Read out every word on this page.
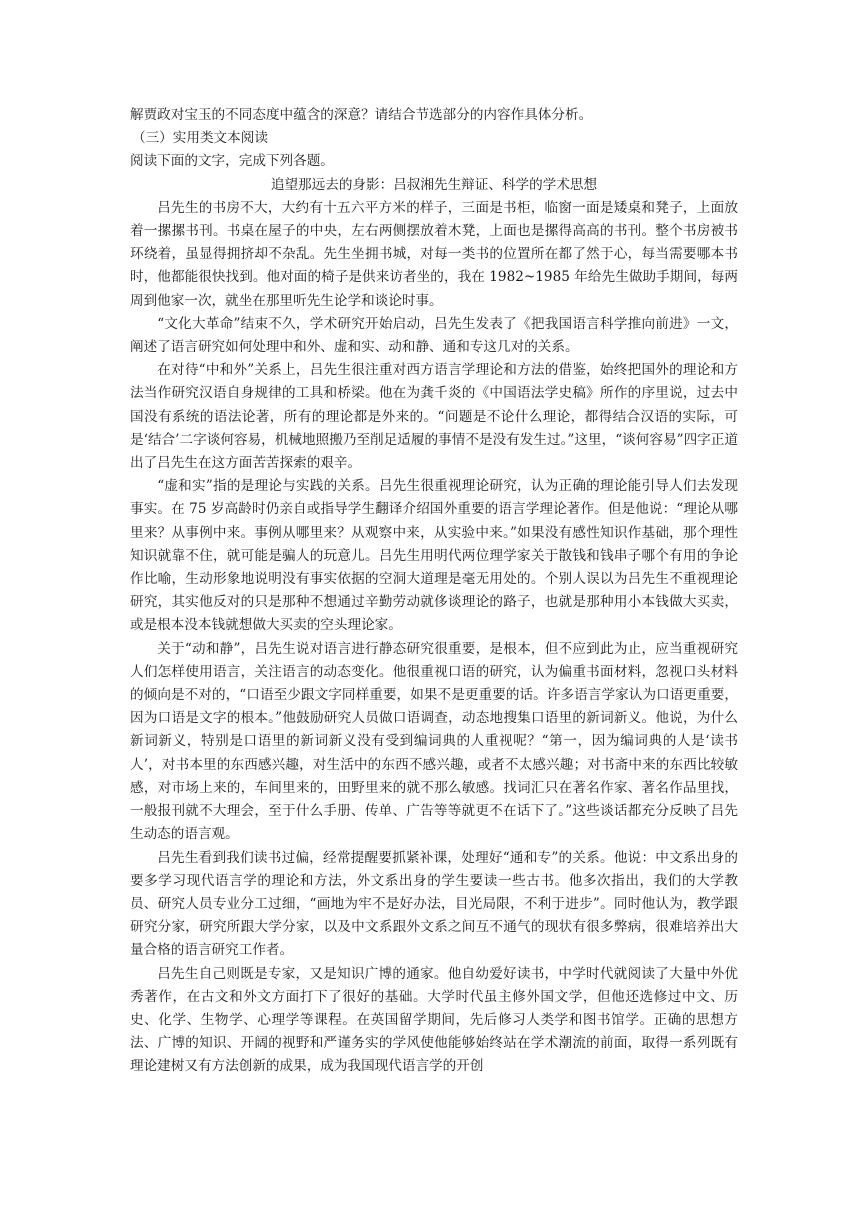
解贾政对宝玉的不同态度中蕴含的深意？请结合节选部分的内容作具体分析。

（三）实用类文本阅读

阅读下面的文字，完成下列各题。

追望那远去的身影：吕叔湘先生辩证、科学的学术思想

吕先生的书房不大，大约有十五六平方米的样子，三面是书柜，临窗一面是矮桌和凳子，上面放着一摞摞书刊。书桌在屋子的中央，左右两侧摆放着木凳，上面也是摞得高高的书刊。整个书房被书环绕着，虽显得拥挤却不杂乱。先生坐拥书城，对每一类书的位置所在都了然于心，每当需要哪本书时，他都能很快找到。他对面的椅子是供来访者坐的，我在 1982~1985 年给先生做助手期间，每两周到他家一次，就坐在那里听先生论学和谈论时事。

“文化大革命”结束不久，学术研究开始启动，吕先生发表了《把我国语言科学推向前进》一文，阐述了语言研究如何处理中和外、虚和实、动和静、通和专这几对的关系。

在对待“中和外”关系上，吕先生很注重对西方语言学理论和方法的借鉴，始终把国外的理论和方法当作研究汉语自身规律的工具和桥梁。他在为龚千炎的《中国语法学史稿》所作的序里说，过去中国没有系统的语法论著，所有的理论都是外来的。“问题是不论什么理论，都得结合汉语的实际，可是‘结合’二字谈何容易，机械地照搬乃至削足适履的事情不是没有发生过。”这里，“谈何容易”四字正道出了吕先生在这方面苦苦探索的艰辛。

“虚和实”指的是理论与实践的关系。吕先生很重视理论研究，认为正确的理论能引导人们去发现事实。在 75 岁高龄时仍亲自或指导学生翻译介绍国外重要的语言学理论著作。但是他说：“理论从哪里来？从事例中来。事例从哪里来？从观察中来，从实验中来。”如果没有感性知识作基础，那个理性知识就靠不住，就可能是骗人的玩意儿。吕先生用明代两位理学家关于散钱和钱串子哪个有用的争论作比喻，生动形象地说明没有事实依据的空洞大道理是毫无用处的。个别人误以为吕先生不重视理论研究，其实他反对的只是那种不想通过辛勤劳动就侈谈理论的路子，也就是那种用小本钱做大买卖，或是根本没本钱就想做大买卖的空头理论家。

关于“动和静”，吕先生说对语言进行静态研究很重要，是根本，但不应到此为止，应当重视研究人们怎样使用语言，关注语言的动态变化。他很重视口语的研究，认为偏重书面材料，忽视口头材料的倾向是不对的，“口语至少跟文字同样重要，如果不是更重要的话。许多语言学家认为口语更重要，因为口语是文字的根本。”他鼓励研究人员做口语调查，动态地搜集口语里的新词新义。他说，为什么新词新义，特别是口语里的新词新义没有受到编词典的人重视呢？“第一，因为编词典的人是‘读书人’，对书本里的东西感兴趣，对生活中的东西不感兴趣，或者不太感兴趣；对书斋中来的东西比较敏感，对市场上来的，车间里来的，田野里来的就不那么敏感。找词汇只在著名作家、著名作品里找，一般报刊就不大理会，至于什么手册、传单、广告等等就更不在话下了。”这些谈话都充分反映了吕先生动态的语言观。

吕先生看到我们读书过偏，经常提醒要抓紧补课，处理好“通和专”的关系。他说：中文系出身的要多学习现代语言学的理论和方法，外文系出身的学生要读一些古书。他多次指出，我们的大学教员、研究人员专业分工过细，“画地为牢不是好办法，目光局限，不利于进步”。同时他认为，教学跟研究分家，研究所跟大学分家，以及中文系跟外文系之间互不通气的现状有很多弊病，很难培养出大量合格的语言研究工作者。

吕先生自己则既是专家，又是知识广博的通家。他自幼爱好读书，中学时代就阅读了大量中外优秀著作，在古文和外文方面打下了很好的基础。大学时代虽主修外国文学，但他还选修过中文、历史、化学、生物学、心理学等课程。在英国留学期间，先后修习人类学和图书馆学。正确的思想方法、广博的知识、开阔的视野和严谨务实的学风使他能够始终站在学术潮流的前面，取得一系列既有理论建树又有方法创新的成果，成为我国现代语言学的开创
